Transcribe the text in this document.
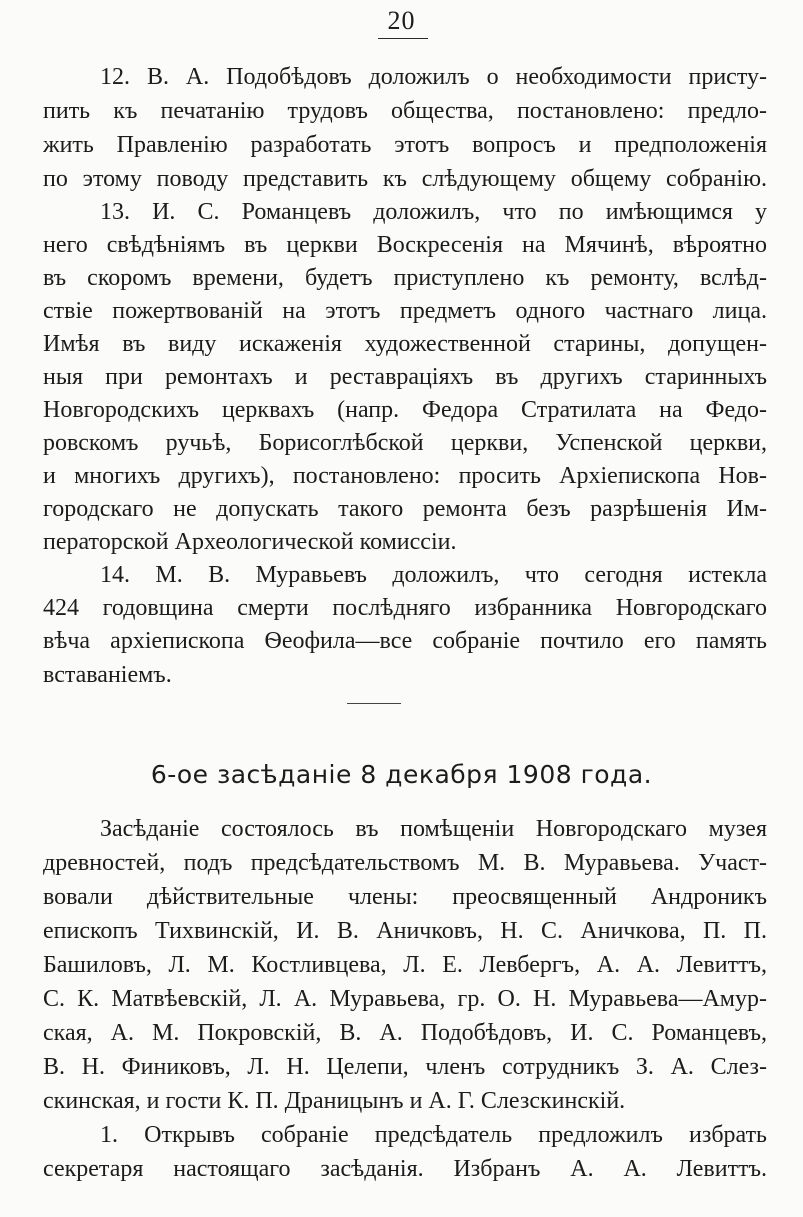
20
12. В. А. Подобѣдовъ доложилъ о необходимости присту-
пить къ печатанію трудовъ общества, постановлено: предло-
жить Правленію разработать этотъ вопросъ и предположенія
по этому поводу представить къ слѣдующему общему собранію.
13. И. С. Романцевъ доложилъ, что по имѣющимся у
него свѣдѣніямъ въ церкви Воскресенія на Мячинѣ, вѣроятно
въ скоромъ времени, будетъ приступлено къ ремонту, вслѣд-
ствіе пожертвованій на этотъ предметъ одного частнаго лица.
Имѣя въ виду искаженія художественной старины, допущен-
ныя при ремонтахъ и реставраціяхъ въ другихъ старинныхъ
Новгородскихъ церквахъ (напр. Федора Стратилата на Федо-
ровскомъ ручьѣ, Борисоглѣбской церкви, Успенской церкви,
и многихъ другихъ), постановлено: просить Архіепископа Нов-
городскаго не допускать такого ремонта безъ разрѣшенія Им-
ператорской Археологической комиссіи.
14. М. В. Муравьевъ доложилъ, что сегодня истекла
424 годовщина смерти послѣдняго избранника Новгородскаго
вѣча архіепископа Ѳеофила—все собраніе почтило его память
вставаніемъ.
6-ое засѣданіе 8 декабря 1908 года.
Засѣданіе состоялось въ помѣщеніи Новгородскаго музея
древностей, подъ предсѣдательствомъ М. В. Муравьева. Участ-
вовали дѣйствительные члены: преосвященный Андроникъ
епископъ Тихвинскій, И. В. Аничковъ, Н. С. Аничкова, П. П.
Башиловъ, Л. М. Костливцева, Л. Е. Левбергъ, А. А. Левиттъ,
С. К. Матвѣевскій, Л. А. Муравьева, гр. О. Н. Муравьева—Амур-
ская, А. М. Покровскій, В. А. Подобѣдовъ, И. С. Романцевъ,
В. Н. Финиковъ, Л. Н. Целепи, членъ сотрудникъ З. А. Слез-
скинская, и гости К. П. Драницынъ и А. Г. Слезскинскій.
1. Открывъ собраніе предсѣдатель предложилъ избрать
секретаря настоящаго засѣданія. Избранъ А. А. Левиттъ.
